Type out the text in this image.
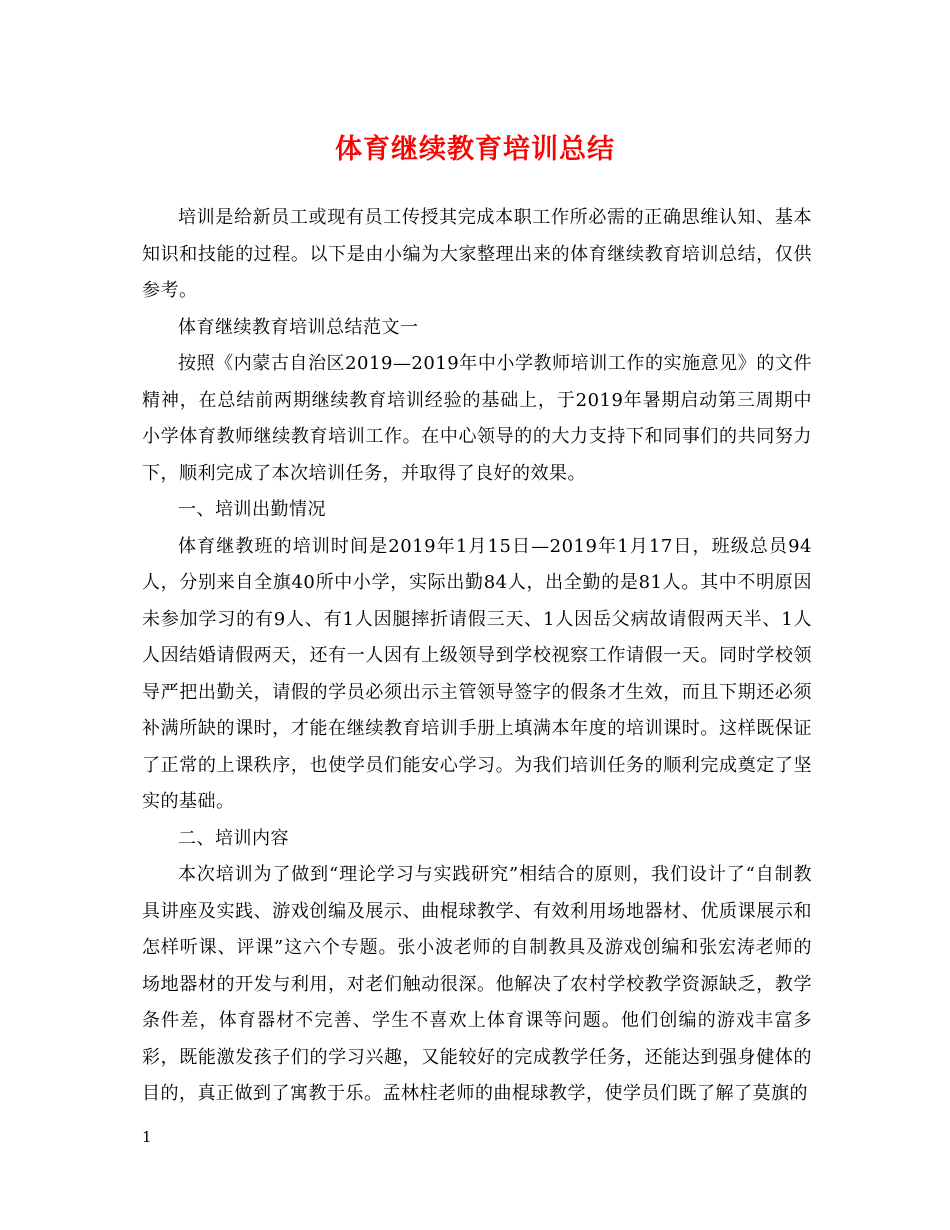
体育继续教育培训总结

培训是给新员工或现有员工传授其完成本职工作所必需的正确思维认知、基本知识和技能的过程。以下是由小编为大家整理出来的体育继续教育培训总结，仅供参考。

体育继续教育培训总结范文一

按照《内蒙古自治区2019—2019年中小学教师培训工作的实施意见》的文件精神，在总结前两期继续教育培训经验的基础上，于2019年暑期启动第三周期中小学体育教师继续教育培训工作。在中心领导的的大力支持下和同事们的共同努力下，顺利完成了本次培训任务，并取得了良好的效果。

一、培训出勤情况

体育继教班的培训时间是2019年1月15日—2019年1月17日，班级总员94人，分别来自全旗40所中小学，实际出勤84人，出全勤的是81人。其中不明原因未参加学习的有9人、有1人因腿摔折请假三天、1人因岳父病故请假两天半、1人人因结婚请假两天，还有一人因有上级领导到学校视察工作请假一天。同时学校领导严把出勤关，请假的学员必须出示主管领导签字的假条才生效，而且下期还必须补满所缺的课时，才能在继续教育培训手册上填满本年度的培训课时。这样既保证了正常的上课秩序，也使学员们能安心学习。为我们培训任务的顺利完成奠定了坚实的基础。

二、培训内容

本次培训为了做到“理论学习与实践研究”相结合的原则，我们设计了“自制教具讲座及实践、游戏创编及展示、曲棍球教学、有效利用场地器材、优质课展示和怎样听课、评课”这六个专题。张小波老师的自制教具及游戏创编和张宏涛老师的场地器材的开发与利用，对老们触动很深。他解决了农村学校教学资源缺乏，教学条件差，体育器材不完善、学生不喜欢上体育课等问题。他们创编的游戏丰富多彩，既能激发孩子们的学习兴趣，又能较好的完成教学任务，还能达到强身健体的目的，真正做到了寓教于乐。孟林柱老师的曲棍球教学，使学员们既了解了莫旗的

1
